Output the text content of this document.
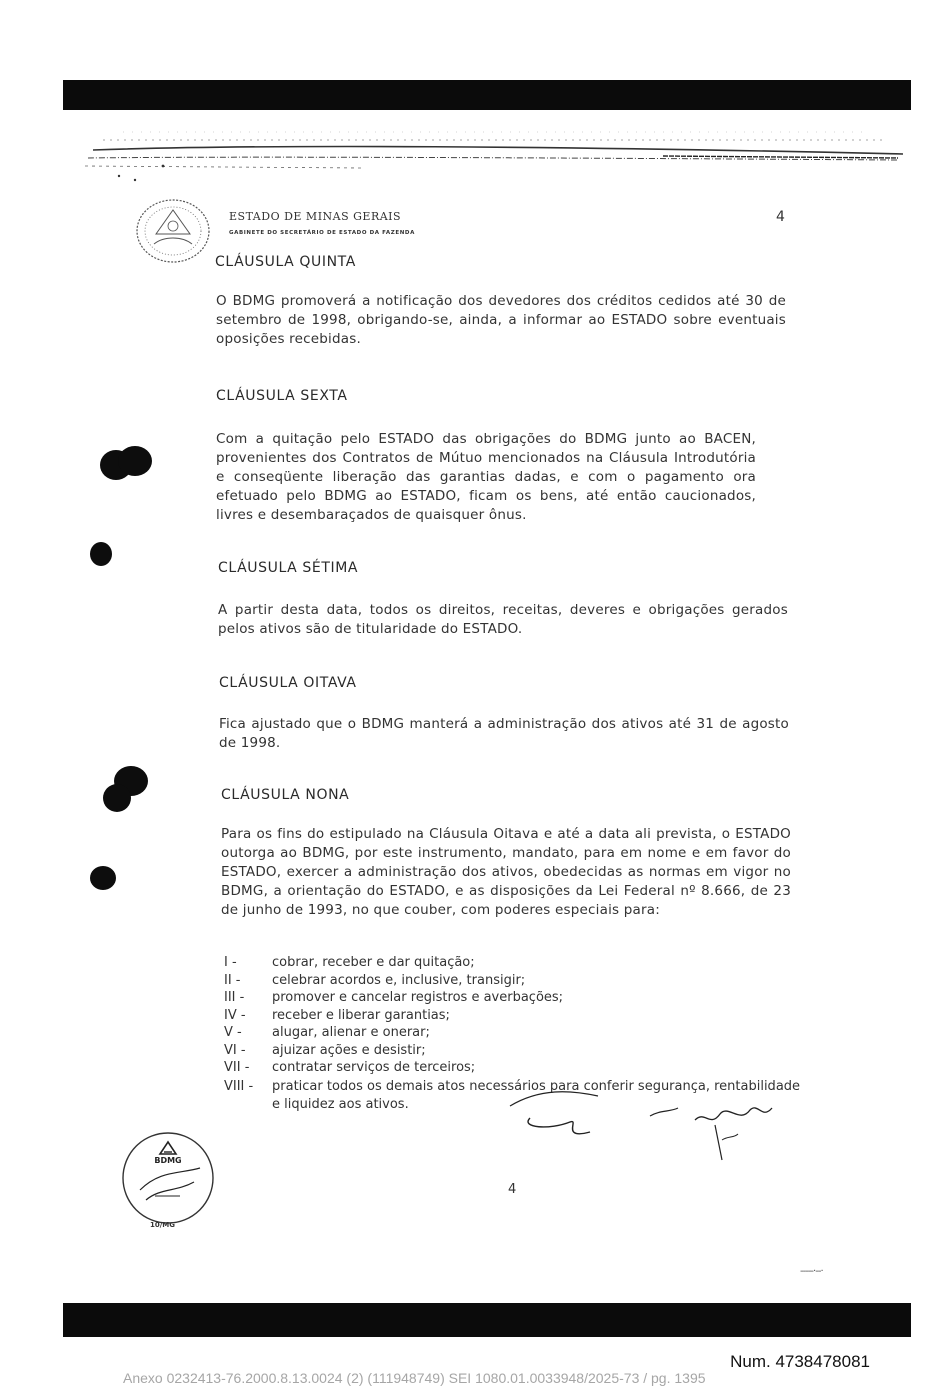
ESTADO DE MINAS GERAIS
GABINETE DO SECRETÁRIO DE ESTADO DA FAZENDA
4
CLÁUSULA QUINTA
O BDMG promoverá a notificação dos devedores dos créditos cedidos até 30 de setembro de 1998, obrigando-se, ainda, a informar ao ESTADO sobre eventuais oposições recebidas.
CLÁUSULA SEXTA
Com a quitação pelo ESTADO das obrigações do BDMG junto ao BACEN, provenientes dos Contratos de Mútuo mencionados na Cláusula Introdutória e conseqüente liberação das garantias dadas, e com o pagamento ora efetuado pelo BDMG ao ESTADO, ficam os bens, até então caucionados, livres e desembaraçados de quaisquer ônus.
CLÁUSULA SÉTIMA
A partir desta data, todos os direitos, receitas, deveres e obrigações gerados pelos ativos são de titularidade do ESTADO.
CLÁUSULA OITAVA
Fica ajustado que o BDMG manterá a administração dos ativos até 31 de agosto de 1998.
CLÁUSULA NONA
Para os fins do estipulado na Cláusula Oitava e até a data ali prevista, o ESTADO outorga ao BDMG, por este instrumento, mandato, para em nome e em favor do ESTADO, exercer a administração dos ativos, obedecidas as normas em vigor no BDMG, a orientação do ESTADO, e as disposições da Lei Federal nº 8.666, de 23 de junho de 1993, no que couber, com poderes especiais para:
I -	cobrar, receber e dar quitação;
II -	celebrar acordos e, inclusive, transigir;
III -	promover e cancelar registros e averbações;
IV -	receber e liberar garantias;
V -	alugar, alienar e onerar;
VI -	ajuizar ações e desistir;
VII -	contratar serviços de terceiros;
VIII -	praticar todos os demais atos necessários para conferir segurança, rentabilidade e liquidez aos ativos.
BDMG
10/MG
4
-----·--·
Num. 4738478081
Anexo 0232413-76.2000.8.13.0024 (2) (111948749) SEI 1080.01.0033948/2025-73 / pg. 1395
